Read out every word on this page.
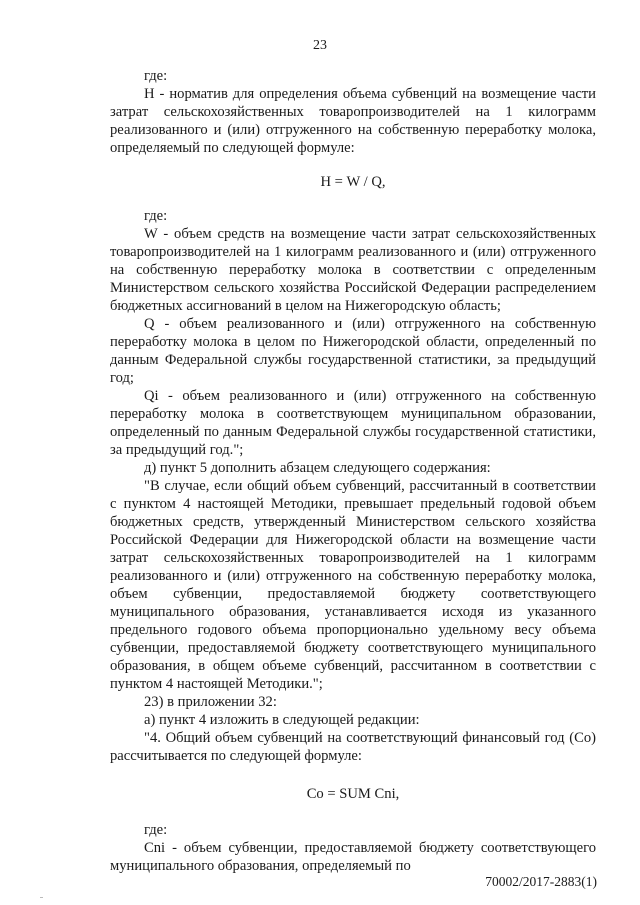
23

где:

Н - норматив для определения объема субвенций на возмещение части затрат сельскохозяйственных товаропроизводителей на 1 килограмм реализованного и (или) отгруженного на собственную переработку молока, определяемый по следующей формуле:

Н = W / Q,

где:

W - объем средств на возмещение части затрат сельскохозяйственных товаропроизводителей на 1 килограмм реализованного и (или) отгруженного на собственную переработку молока в соответствии с определенным Министерством сельского хозяйства Российской Федерации распределением бюджетных ассигнований в целом на Нижегородскую область;

Q - объем реализованного и (или) отгруженного на собственную переработку молока в целом по Нижегородской области, определенный по данным Федеральной службы государственной статистики, за предыдущий год;

Qi - объем реализованного и (или) отгруженного на собственную переработку молока в соответствующем муниципальном образовании, определенный по данным Федеральной службы государственной статистики, за предыдущий год.";

д) пункт 5 дополнить абзацем следующего содержания:

"В случае, если общий объем субвенций, рассчитанный в соответствии с пунктом 4 настоящей Методики, превышает предельный годовой объем бюджетных средств, утвержденный Министерством сельского хозяйства Российской Федерации для Нижегородской области на возмещение части затрат сельскохозяйственных товаропроизводителей на 1 килограмм реализованного и (или) отгруженного на собственную переработку молока, объем субвенции, предоставляемой бюджету соответствующего муниципального образования, устанавливается исходя из указанного предельного годового объема пропорционально удельному весу объема субвенции, предоставляемой бюджету соответствующего муниципального образования, в общем объеме субвенций, рассчитанном в соответствии с пунктом 4 настоящей Методики.";

23) в приложении 32:

а) пункт 4 изложить в следующей редакции:

"4. Общий объем субвенций на соответствующий финансовый год (Со) рассчитывается по следующей формуле:

Со = SUM Сni,

где:

Сni - объем субвенции, предоставляемой бюджету соответствующего муниципального образования, определяемый по

70002/2017-2883(1)
